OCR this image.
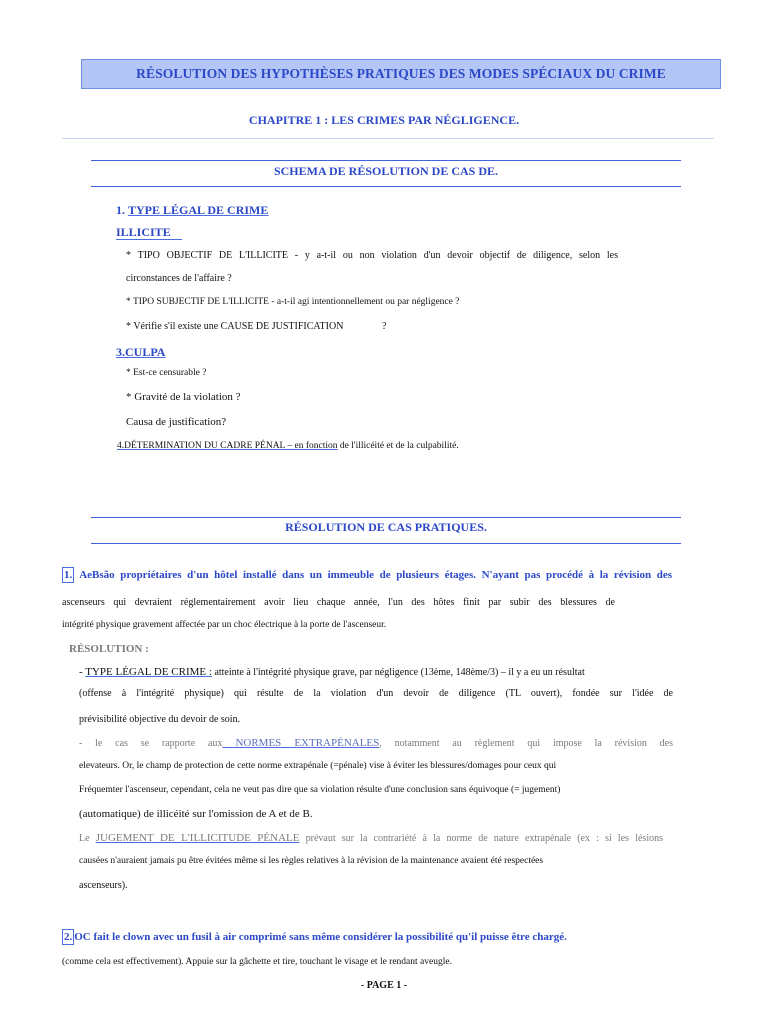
RÉSOLUTION DES HYPOTHÈSES PRATIQUES DES MODES SPÉCIAUX DU CRIME
CHAPITRE 1 : LES CRIMES PAR NÉGLIGENCE.
SCHEMA DE RÉSOLUTION DE CAS DE.
1. TYPE LÉGAL DE CRIME
ILLICITE
* TIPO OBJECTIF DE L'ILLICITE - y a-t-il ou non violation d'un devoir objectif de diligence, selon les
circonstances de l'affaire ?
* TIPO SUBJECTIF DE L'ILLICITE - a-t-il agi intentionnellement ou par négligence ?
* Vérifie s'il existe une CAUSE DE JUSTIFICATION	?
3.CULPA
* Est-ce censurable ?
* Gravité de la violation ?
Causa de justification?
4.DÉTERMINATION DU CADRE PÉNAL – en fonction de l'illicéité et de la culpabilité.
RÉSOLUTION DE CAS PRATIQUES.
1. AeBsão propriétaires d'un hôtel installé dans un immeuble de plusieurs étages. N'ayant pas procédé à la révision des
ascenseurs qui devraient réglementairement avoir lieu chaque année, l'un des hôtes finit par subir des blessures de
intégrité physique gravement affectée par un choc électrique à la porte de l'ascenseur.
RÉSOLUTION :
- TYPE LÉGAL DE CRIME : atteinte à l'intégrité physique grave, par négligence (13ème, 148ème/3) – il y a eu un résultat
(offense à l'intégrité physique) qui résulte de la violation d'un devoir de diligence (TL ouvert), fondée sur l'idée de
prévisibilité objective du devoir de soin.
- le cas se rapporte aux NORMES EXTRAPÉNALES, notamment au règlement qui impose la révision des
elevateurs. Or, le champ de protection de cette norme extrapénale (=pénale) vise à éviter les blessures/domages pour ceux qui
Fréquemter l'ascenseur, cependant, cela ne veut pas dire que sa violation résulte d'une conclusion sans équivoque (= jugement)
(automatique) de illicéité sur l'omission de A et de B.
Le JUGEMENT DE L'ILLICITUDE PÉNALE prévaut sur la contrariété à la norme de nature extrapénale (ex : si les lésions
causées n'auraient jamais pu être évitées même si les règles relatives à la révision de la maintenance avaient été respectées
ascenseurs).
2. OC fait le clown avec un fusil à air comprimé sans même considérer la possibilité qu'il puisse être chargé.
(comme cela est effectivement). Appuie sur la gâchette et tire, touchant le visage et le rendant aveugle.
- PAGE 1 -
